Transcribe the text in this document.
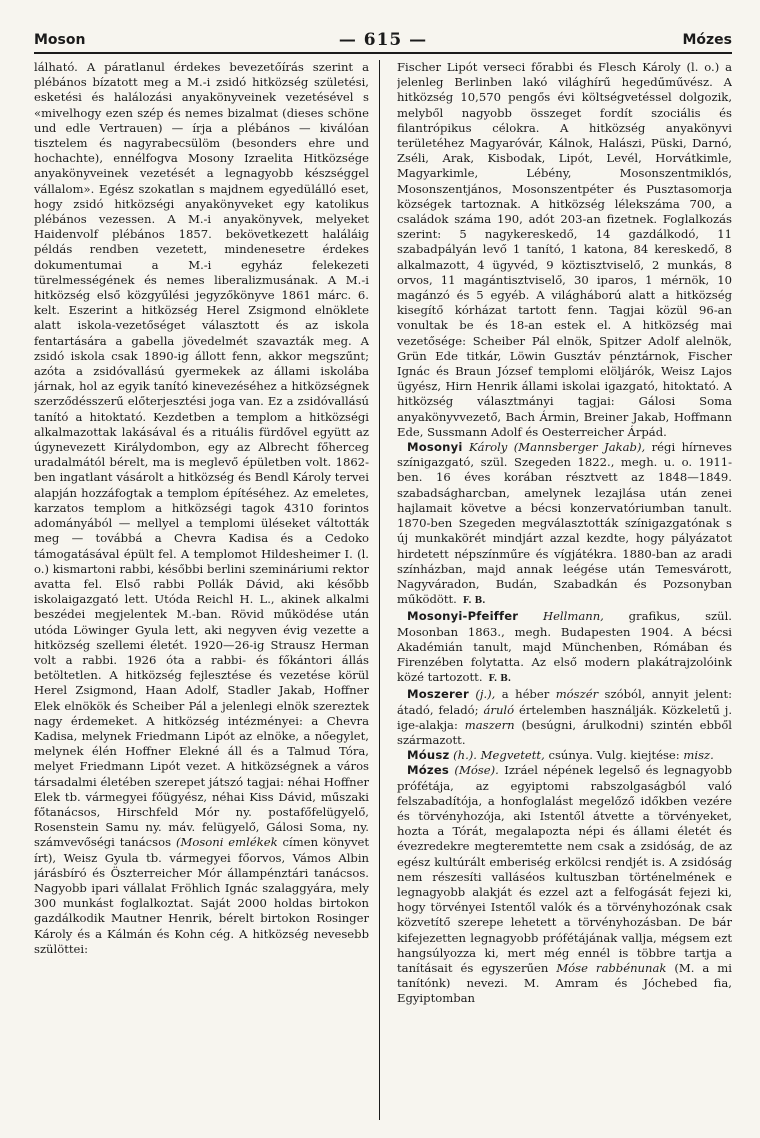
Moson	— 615 —	Mózes

lálható. A páratlanul érdekes bevezetőírás szerint a plébános bízatott meg a M.-i zsidó hitközség születési, esketési és halálozási anyakönyveinek vezetésével s «mivelhogy ezen szép és nemes bizalmat (dieses schöne und edle Vertrauen) — írja a plébános — kiválóan tisztelem és nagyrabecsülöm (besonders ehre und hochachte), ennélfogva Mosony Izraelita Hitközsége anyakönyveinek vezetését a legnagyobb készséggel vállalom». Egész szokatlan s majdnem egyedülálló eset, hogy zsidó hitközségi anyakönyveket egy katolikus plébános vezessen. A M.-i anyakönyvek, melyeket Haidenvolf plébános 1857. bekövetkezett haláláig példás rendben vezetett, mindenesetre érdekes dokumentumai a M.-i egyház felekezeti türelmességének és nemes liberalizmusának. A M.-i hitközség első közgyűlési jegyzőkönyve 1861 márc. 6. kelt. Eszerint a hitközség Herel Zsigmond elnöklete alatt iskola-vezetőséget választott és az iskola fentartására a gabella jövedelmét szavazták meg. A zsidó iskola csak 1890-ig állott fenn, akkor megszűnt; azóta a zsidóvallású gyermekek az állami iskolába járnak, hol az egyik tanító kinevezéséhez a hitközségnek szerződésszerű előterjesztési joga van. Ez a zsidóvallású tanító a hitoktató. Kezdetben a templom a hitközségi alkalmazottak lakásával és a rituális fürdővel együtt az úgynevezett Királydombon, egy az Albrecht főherceg uradalmától bérelt, ma is meglevő épületben volt. 1862-ben ingatlant vásárolt a hitközség és Bendl Károly tervei alapján hozzáfogtak a templom építéséhez. Az emeletes, karzatos templom a hitközségi tagok 4310 forintos adományából — mellyel a templomi üléseket váltották meg — továbbá a Chevra Kadisa és a Cedoko támogatásával épült fel. A templomot Hildesheimer I. (l. o.) kismartoni rabbi, későbbi berlini szemináriumi rektor avatta fel. Első rabbi Pollák Dávid, aki később iskolaigazgató lett. Utóda Reichl H. L., akinek alkalmi beszédei megjelentek M.-ban. Rövid működése után utóda Löwinger Gyula lett, aki negyven évig vezette a hitközség szellemi életét. 1920—26-ig Strausz Herman volt a rabbi. 1926 óta a rabbi- és főkántori állás betöltetlen. A hitközség fejlesztése és vezetése körül Herel Zsigmond, Haan Adolf, Stadler Jakab, Hoffner Elek elnökök és Scheiber Pál a jelenlegi elnök szereztek nagy érdemeket. A hitközség intézményei: a Chevra Kadisa, melynek Friedmann Lipót az elnöke, a nőegylet, melynek élén Hoffner Elekné áll és a Talmud Tóra, melyet Friedmann Lipót vezet. A hitközségnek a város társadalmi életében szerepet játszó tagjai: néhai Hoffner Elek tb. vármegyei főügyész, néhai Kiss Dávid, műszaki főtanácsos, Hirschfeld Mór ny. postafőfelügyelő, Rosenstein Samu ny. máv. felügyelő, Gálosi Soma, ny. számvevőségi tanácsos (Mosoni emlékek címen könyvet írt), Weisz Gyula tb. vármegyei főorvos, Vámos Albin járásbíró és Öszterreicher Mór állampénztári tanácsos. Nagyobb ipari vállalat Fröhlich Ignác szalaggyára, mely 300 munkást foglalkoztat. Saját 2000 holdas birtokon gazdálkodik Mautner Henrik, bérelt birtokon Rosinger Károly és a Kálmán és Kohn cég. A hitközség nevesebb szülöttei:

Fischer Lipót verseci főrabbi és Flesch Károly (l. o.) a jelenleg Berlinben lakó világhírű hegedűművész. A hitközség 10,570 pengős évi költségvetéssel dolgozik, melyből nagyobb összeget fordít szociális és filantrópikus célokra. A hitközség anyakönyvi területéhez Magyaróvár, Kálnok, Halászi, Püski, Darnó, Zséli, Arak, Kisbodak, Lipót, Levél, Horvátkimle, Magyarkimle, Lébény, Mosonszentmiklós, Mosonszentjános, Mosonszentpéter és Pusztasomorja községek tartoznak. A hitközség lélekszáma 700, a családok száma 190, adót 203-an fizetnek. Foglalkozás szerint: 5 nagykereskedő, 14 gazdálkodó, 11 szabadpályán levő 1 tanító, 1 katona, 84 kereskedő, 8 alkalmazott, 4 ügyvéd, 9 köztisztviselő, 2 munkás, 8 orvos, 11 magántisztviselő, 30 iparos, 1 mérnök, 10 magánzó és 5 egyéb. A világháború alatt a hitközség kisegítő kórházat tartott fenn. Tagjai közül 96-an vonultak be és 18-an estek el. A hitközség mai vezetősége: Scheiber Pál elnök, Spitzer Adolf alelnök, Grün Ede titkár, Löwin Gusztáv pénztárnok, Fischer Ignác és Braun József templomi elöljárók, Weisz Lajos ügyész, Hirn Henrik állami iskolai igazgató, hitoktató. A hitközség választmányi tagjai: Gálosi Soma anyakönyvvezető, Bach Ármin, Breiner Jakab, Hoffmann Ede, Sussmann Adolf és Oesterreicher Árpád.

Mosonyi Károly (Mannsberger Jakab), régi hírneves színigazgató, szül. Szegeden 1822., megh. u. o. 1911-ben. 16 éves korában résztvett az 1848—1849. szabadságharcban, amelynek lezajlása után zenei hajlamait követve a bécsi konzervatóriumban tanult. 1870-ben Szegeden megválasztották színigazgatónak s új munkakörét mindjárt azzal kezdte, hogy pályázatot hirdetett népszínműre és vígjátékra. 1880-ban az aradi színházban, majd annak leégése után Temesvárott, Nagyváradon, Budán, Szabadkán és Pozsonyban működött. F. B.

Mosonyi-Pfeiffer Hellmann, grafikus, szül. Mosonban 1863., megh. Budapesten 1904. A bécsi Akadémián tanult, majd Münchenben, Rómában és Firenzében folytatta. Az első modern plakátrajzolóink közé tartozott. F. B.

Moszerer (j.), a héber mószér szóból, annyit jelent: átadó, feladó; áruló értelemben használják. Közkeletű j. ige-alakja: maszern (besúgni, árulkodni) szintén ebből származott.

Móusz (h.). Megvetett, csúnya. Vulg. kiejtése: misz.

Mózes (Móse). Izráel népének legelső és legnagyobb prófétája, az egyiptomi rabszolgaságból való felszabadítója, a honfoglalást megelőző időkben vezére és törvényhozója, aki Istentől átvette a törvényeket, hozta a Tórát, megalapozta népi és állami életét és évezredekre megteremtette nem csak a zsidóság, de az egész kultúrált emberiség erkölcsi rendjét is. A zsidóság nem részesíti valláséos kultuszban történelmének e legnagyobb alakját és ezzel azt a felfogását fejezi ki, hogy törvényei Istentől valók és a törvényhozónak csak közvetítő szerepe lehetett a törvényhozásban. De bár kifejezetten legnagyobb prófétájának vallja, mégsem ezt hangsúlyozza ki, mert még ennél is többre tartja a tanításait és egyszerűen Móse rabbénunak (M. a mi tanítónk) nevezi. M. Amram és Jóchebed fia, Egyiptomban
